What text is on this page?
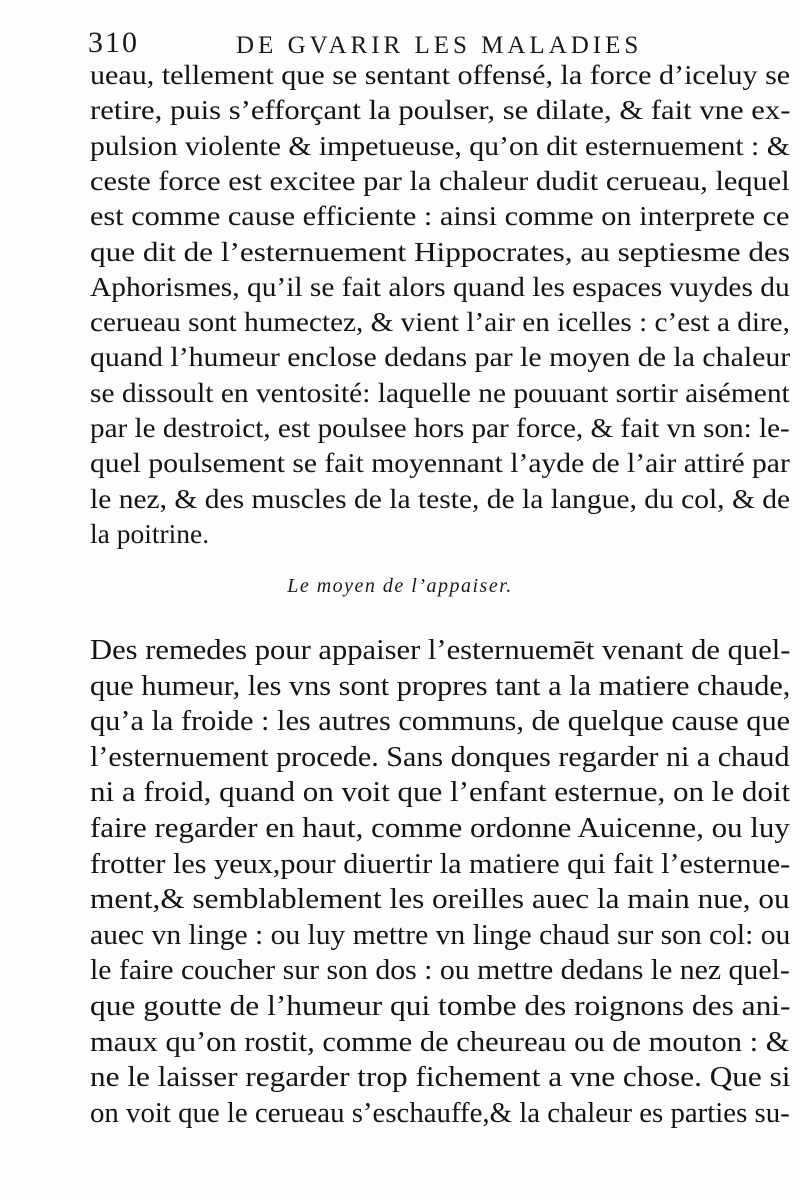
310	DE GVARIR LES MALADIES
ueau, tellement que se sentant offensé, la force d’iceluy se
retire, puis s’efforçant la poulser, se dilate, & fait vne ex-
pulsion violente & impetueuse, qu’on dit esternuement : &
ceste force est excitee par la chaleur dudit cerueau, lequel
est comme cause efficiente : ainsi comme on interprete ce
que dit de l’esternuement Hippocrates, au septiesme des
Aphorismes, qu’il se fait alors quand les espaces vuydes du
cerueau sont humectez, & vient l’air en icelles : c’est a dire,
quand l’humeur enclose dedans par le moyen de la chaleur
se dissoult en ventosité: laquelle ne pouuant sortir aisément
par le destroict, est poulsee hors par force, & fait vn son: le-
quel poulsement se fait moyennant l’ayde de l’air attiré par
le nez, & des muscles de la teste, de la langue, du col, & de
la poitrine.
Le moyen de l’appaiser.
Des remedes pour appaiser l’esternuemēt venant de quel-
que humeur, les vns sont propres tant a la matiere chaude,
qu’a la froide : les autres communs, de quelque cause que
l’esternuement procede. Sans donques regarder ni a chaud
ni a froid, quand on voit que l’enfant esternue, on le doit
faire regarder en haut, comme ordonne Auicenne, ou luy
frotter les yeux,pour diuertir la matiere qui fait l’esternue-
ment,& semblablement les oreilles auec la main nue, ou
auec vn linge : ou luy mettre vn linge chaud sur son col: ou
le faire coucher sur son dos : ou mettre dedans le nez quel-
que goutte de l’humeur qui tombe des roignons des ani-
maux qu’on rostit, comme de cheureau ou de mouton : &
ne le laisser regarder trop fichement a vne chose. Que si
on voit que le cerueau s’eschauffe,& la chaleur es parties su-
